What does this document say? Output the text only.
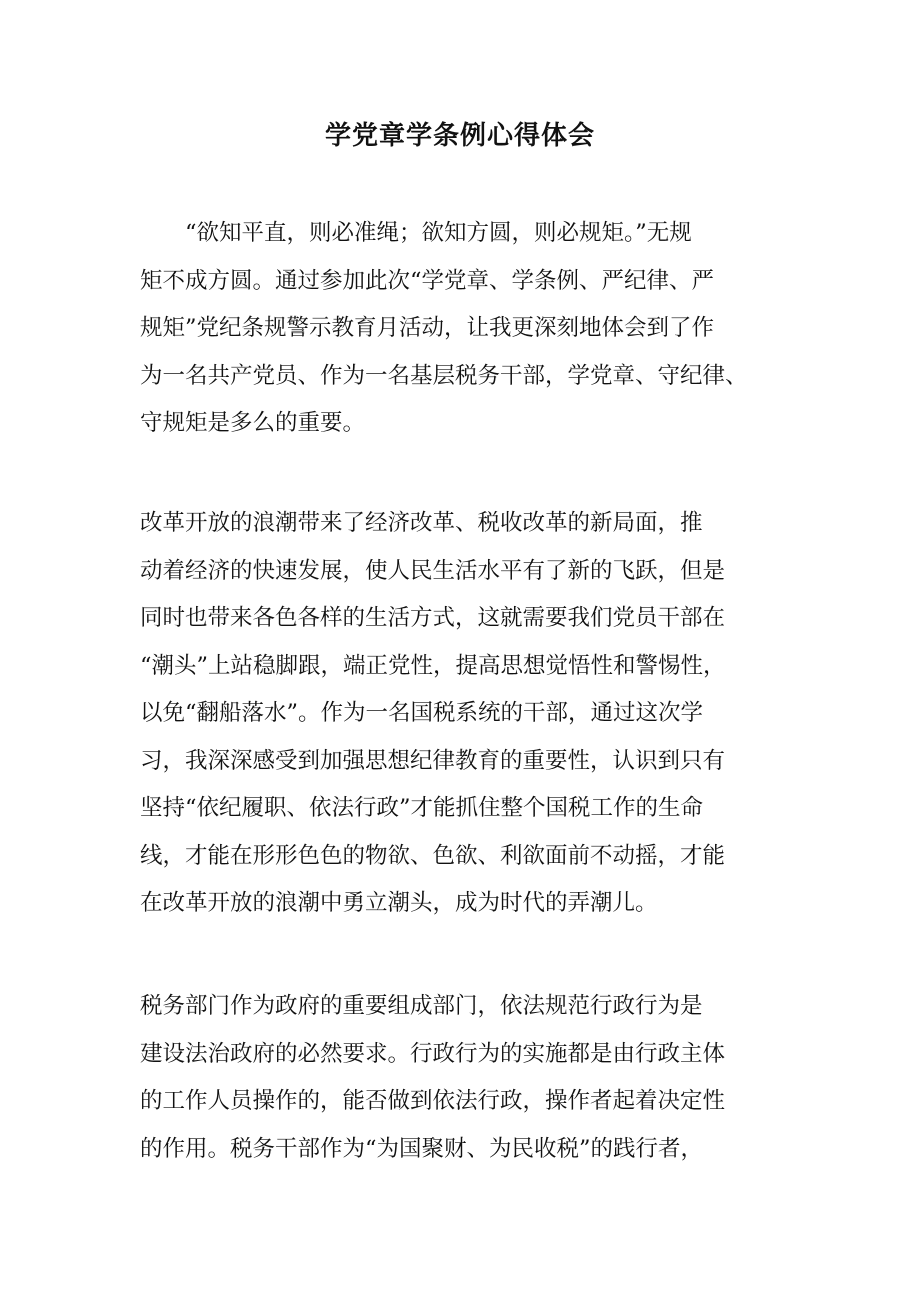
学党章学条例心得体会
　　“欲知平直，则必准绳；欲知方圆，则必规矩。”无规
矩不成方圆。通过参加此次“学党章、学条例、严纪律、严
规矩”党纪条规警示教育月活动，让我更深刻地体会到了作
为一名共产党员、作为一名基层税务干部，学党章、守纪律、
守规矩是多么的重要。
改革开放的浪潮带来了经济改革、税收改革的新局面，推
动着经济的快速发展，使人民生活水平有了新的飞跃，但是
同时也带来各色各样的生活方式，这就需要我们党员干部在
“潮头”上站稳脚跟，端正党性，提高思想觉悟性和警惕性，
以免“翻船落水”。作为一名国税系统的干部，通过这次学
习，我深深感受到加强思想纪律教育的重要性，认识到只有
坚持“依纪履职、依法行政”才能抓住整个国税工作的生命
线，才能在形形色色的物欲、色欲、利欲面前不动摇，才能
在改革开放的浪潮中勇立潮头，成为时代的弄潮儿。
税务部门作为政府的重要组成部门，依法规范行政行为是
建设法治政府的必然要求。行政行为的实施都是由行政主体
的工作人员操作的，能否做到依法行政，操作者起着决定性
的作用。税务干部作为“为国聚财、为民收税”的践行者，
